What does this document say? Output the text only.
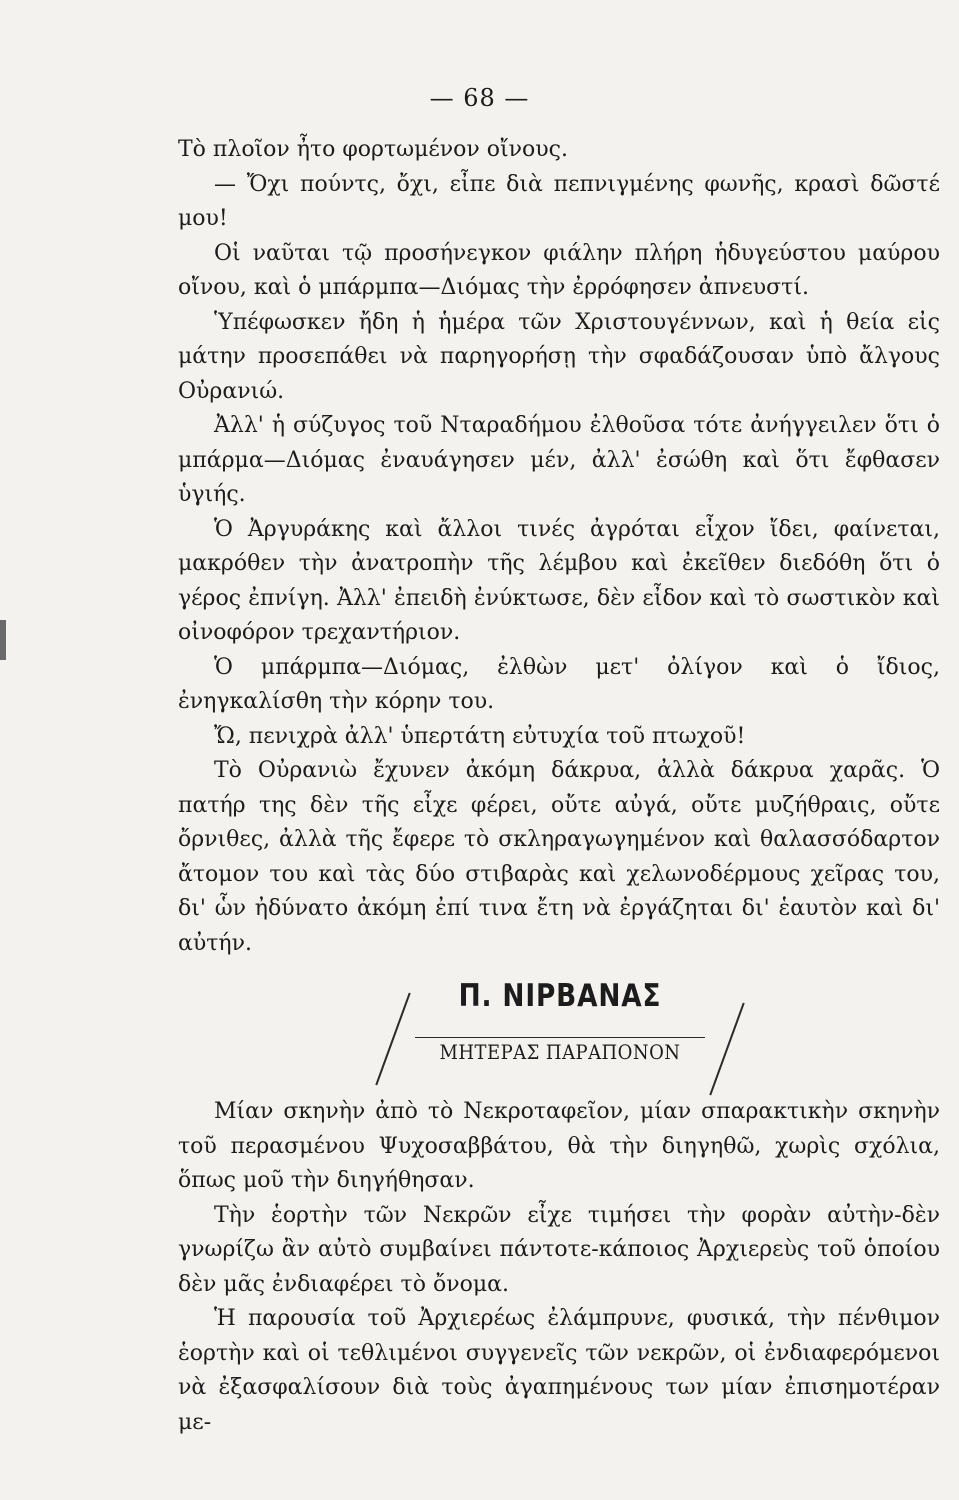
— 68 —

Τὸ πλοῖον ἦτο φορτωμένον οἴνους.

— Ὄχι πούντς, ὄχι, εἶπε διὰ πεπνιγμένης φωνῆς, κρασὶ δῶστέ μου!

Οἱ ναῦται τῷ προσήνεγκον φιάλην πλήρη ἡδυγεύστου μαύρου οἴνου, καὶ ὁ μπάρμπα—Διόμας τὴν ἐρρόφησεν ἀπνευστί.

Ὑπέφωσκεν ἤδη ἡ ἡμέρα τῶν Χριστουγέννων, καὶ ἡ θεία εἰς μάτην προσεπάθει νὰ παρηγορήσῃ τὴν σφαδάζουσαν ὑπὸ ἄλγους Οὐρανιώ.

Ἀλλ' ἡ σύζυγος τοῦ Νταραδήμου ἐλθοῦσα τότε ἀνήγγειλεν ὅτι ὁ μπάρμα—Διόμας ἐναυάγησεν μέν, ἀλλ' ἐσώθη καὶ ὅτι ἔφθασεν ὑγιής.

Ὁ Ἀργυράκης καὶ ἄλλοι τινές ἀγρόται εἶχον ἴδει, φαίνεται, μακρόθεν τὴν ἀνατροπὴν τῆς λέμβου καὶ ἐκεῖθεν διεδόθη ὅτι ὁ γέρος ἐπνίγη. Ἀλλ' ἐπειδὴ ἐνύκτωσε, δὲν εἶδον καὶ τὸ σωστικὸν καὶ οἰνοφόρον τρεχαντήριον.

Ὁ μπάρμπα—Διόμας, ἐλθὼν μετ' ὀλίγον καὶ ὁ ἴδιος, ἐνηγκαλίσθη τὴν κόρην του.

Ὤ, πενιχρὰ ἀλλ' ὑπερτάτη εὐτυχία τοῦ πτωχοῦ!

Τὸ Οὐρανιὼ ἔχυνεν ἀκόμη δάκρυα, ἀλλὰ δάκρυα χαρᾶς. Ὁ πατήρ της δὲν τῆς εἶχε φέρει, οὔτε αὐγά, οὔτε μυζήθραις, οὔτε ὄρνιθες, ἀλλὰ τῆς ἔφερε τὸ σκληραγωγημένον καὶ θαλασσόδαρτον ἄτομον του καὶ τὰς δύο στιβαρὰς καὶ χελωνοδέρμους χεῖρας του, δι' ὧν ἠδύνατο ἀκόμη ἐπί τινα ἔτη νὰ ἐργάζηται δι' ἑαυτὸν καὶ δι' αὐτήν.

Π. ΝΙΡΒΑΝΑΣ
ΜΗΤΕΡΑΣ ΠΑΡΑΠΟΝΟΝ

Μίαν σκηνὴν ἀπὸ τὸ Νεκροταφεῖον, μίαν σπαρακτικὴν σκηνὴν τοῦ περασμένου Ψυχοσαββάτου, θὰ τὴν διηγηθῶ, χωρὶς σχόλια, ὅπως μοῦ τὴν διηγήθησαν.

Τὴν ἑορτὴν τῶν Νεκρῶν εἶχε τιμήσει τὴν φορὰν αὐτὴν-δὲν γνωρίζω ἂν αὐτὸ συμβαίνει πάντοτε-κάποιος Ἀρχιερεὺς τοῦ ὁποίου δὲν μᾶς ἐνδιαφέρει τὸ ὄνομα.

Ἡ παρουσία τοῦ Ἀρχιερέως ἐλάμπρυνε, φυσικά, τὴν πένθιμον ἑορτὴν καὶ οἱ τεθλιμένοι συγγενεῖς τῶν νεκρῶν, οἱ ἐνδιαφερόμενοι νὰ ἐξασφαλίσουν διὰ τοὺς ἀγαπημένους των μίαν ἐπισημοτέραν με-
